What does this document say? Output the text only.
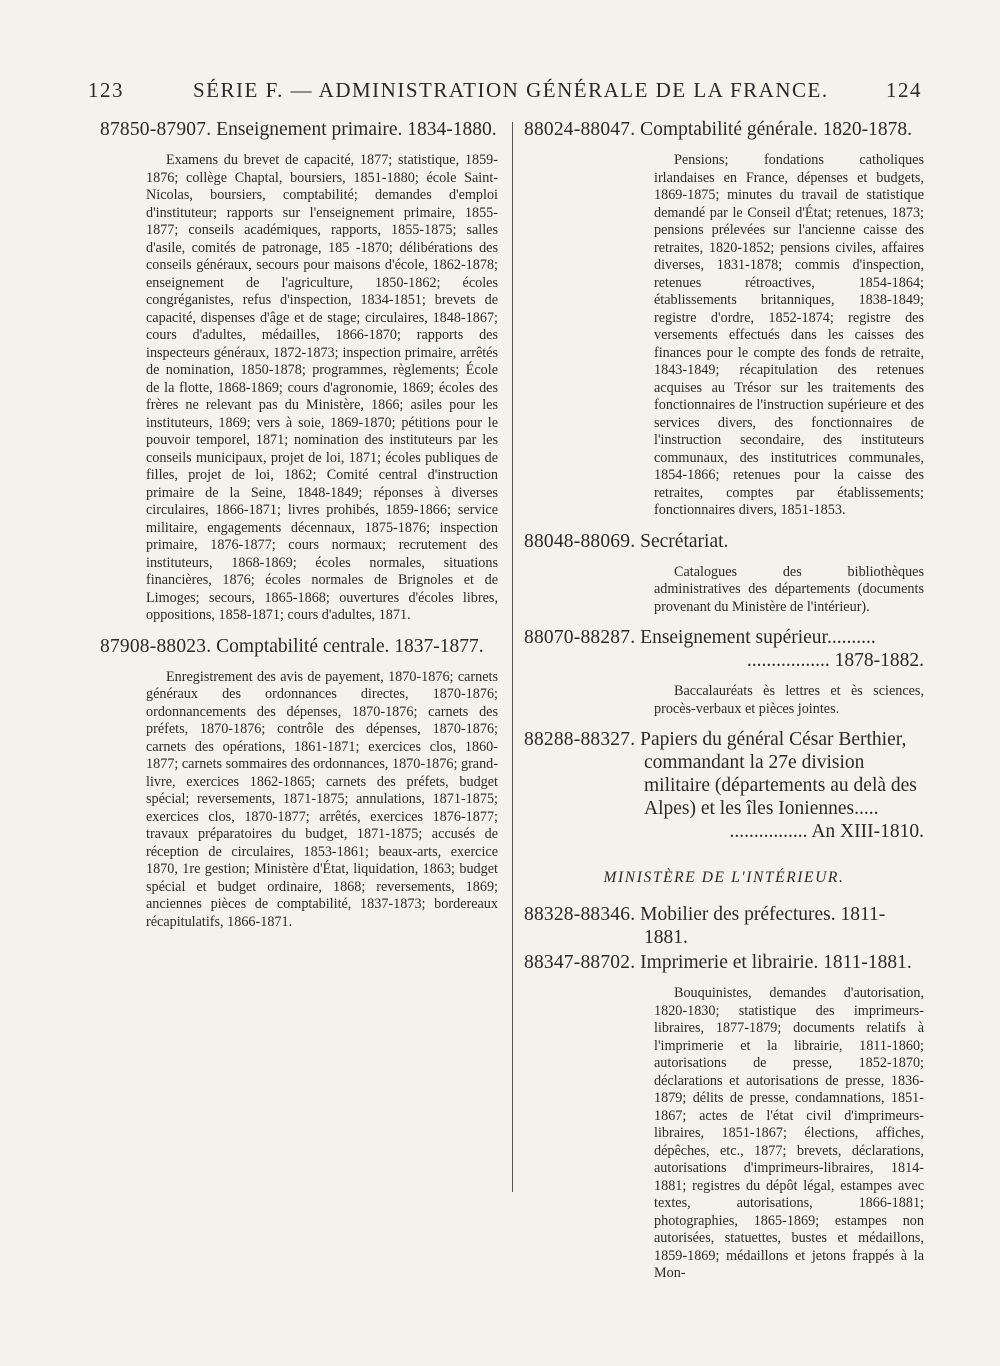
123	SÉRIE F. — ADMINISTRATION GÉNÉRALE DE LA FRANCE.	124

87850-87907. Enseignement primaire. 1834-1880.

Examens du brevet de capacité, 1877; statistique, 1859-1876; collège Chaptal, boursiers, 1851-1880; école Saint-Nicolas, boursiers, comptabilité; demandes d'emploi d'instituteur; rapports sur l'enseignement primaire, 1855-1877; conseils académiques, rapports, 1855-1875; salles d'asile, comités de patronage, 185 -1870; délibérations des conseils généraux, secours pour maisons d'école, 1862-1878; enseignement de l'agriculture, 1850-1862; écoles congréganistes, refus d'inspection, 1834-1851; brevets de capacité, dispenses d'âge et de stage; circulaires, 1848-1867; cours d'adultes, médailles, 1866-1870; rapports des inspecteurs généraux, 1872-1873; inspection primaire, arrêtés de nomination, 1850-1878; programmes, règlements; École de la flotte, 1868-1869; cours d'agronomie, 1869; écoles des frères ne relevant pas du Ministère, 1866; asiles pour les instituteurs, 1869; vers à soie, 1869-1870; pétitions pour le pouvoir temporel, 1871; nomination des instituteurs par les conseils municipaux, projet de loi, 1871; écoles publiques de filles, projet de loi, 1862; Comité central d'instruction primaire de la Seine, 1848-1849; réponses à diverses circulaires, 1866-1871; livres prohibés, 1859-1866; service militaire, engagements décennaux, 1875-1876; inspection primaire, 1876-1877; cours normaux; recrutement des instituteurs, 1868-1869; écoles normales, situations financières, 1876; écoles normales de Brignoles et de Limoges; secours, 1865-1868; ouvertures d'écoles libres, oppositions, 1858-1871; cours d'adultes, 1871.

87908-88023. Comptabilité centrale. 1837-1877.

Enregistrement des avis de payement, 1870-1876; carnets généraux des ordonnances directes, 1870-1876; ordonnancements des dépenses, 1870-1876; carnets des préfets, 1870-1876; contrôle des dépenses, 1870-1876; carnets des opérations, 1861-1871; exercices clos, 1860-1877; carnets sommaires des ordonnances, 1870-1876; grand-livre, exercices 1862-1865; carnets des préfets, budget spécial; reversements, 1871-1875; annulations, 1871-1875; exercices clos, 1870-1877; arrêtés, exercices 1876-1877; travaux préparatoires du budget, 1871-1875; accusés de réception de circulaires, 1853-1861; beaux-arts, exercice 1870, 1re gestion; Ministère d'État, liquidation, 1863; budget spécial et budget ordinaire, 1868; reversements, 1869; anciennes pièces de comptabilité, 1837-1873; bordereaux récapitulatifs, 1866-1871.

88024-88047. Comptabilité générale. 1820-1878.

Pensions; fondations catholiques irlandaises en France, dépenses et budgets, 1869-1875; minutes du travail de statistique demandé par le Conseil d'État; retenues, 1873; pensions prélevées sur l'ancienne caisse des retraites, 1820-1852; pensions civiles, affaires diverses, 1831-1878; commis d'inspection, retenues rétroactives, 1854-1864; établissements britanniques, 1838-1849; registre d'ordre, 1852-1874; registre des versements effectués dans les caisses des finances pour le compte des fonds de retraite, 1843-1849; récapitulation des retenues acquises au Trésor sur les traitements des fonctionnaires de l'instruction supérieure et des services divers, des fonctionnaires de l'instruction secondaire, des instituteurs communaux, des institutrices communales, 1854-1866; retenues pour la caisse des retraites, comptes par établissements; fonctionnaires divers, 1851-1853.

88048-88069. Secrétariat.

Catalogues des bibliothèques administratives des départements (documents provenant du Ministère de l'intérieur).

88070-88287. Enseignement supérieur..........
................. 1878-1882.

Baccalauréats ès lettres et ès sciences, procès-verbaux et pièces jointes.

88288-88327. Papiers du général César Berthier, commandant la 27e division militaire (départements au delà des Alpes) et les îles Ioniennes.....
................ An XIII-1810.

MINISTÈRE DE L'INTÉRIEUR.

88328-88346. Mobilier des préfectures. 1811-1881.

88347-88702. Imprimerie et librairie. 1811-1881.

Bouquinistes, demandes d'autorisation, 1820-1830; statistique des imprimeurs-libraires, 1877-1879; documents relatifs à l'imprimerie et la librairie, 1811-1860; autorisations de presse, 1852-1870; déclarations et autorisations de presse, 1836-1879; délits de presse, condamnations, 1851-1867; actes de l'état civil d'imprimeurs-libraires, 1851-1867; élections, affiches, dépêches, etc., 1877; brevets, déclarations, autorisations d'imprimeurs-libraires, 1814-1881; registres du dépôt légal, estampes avec textes, autorisations, 1866-1881; photographies, 1865-1869; estampes non autorisées, statuettes, bustes et médaillons, 1859-1869; médaillons et jetons frappés à la Mon-
